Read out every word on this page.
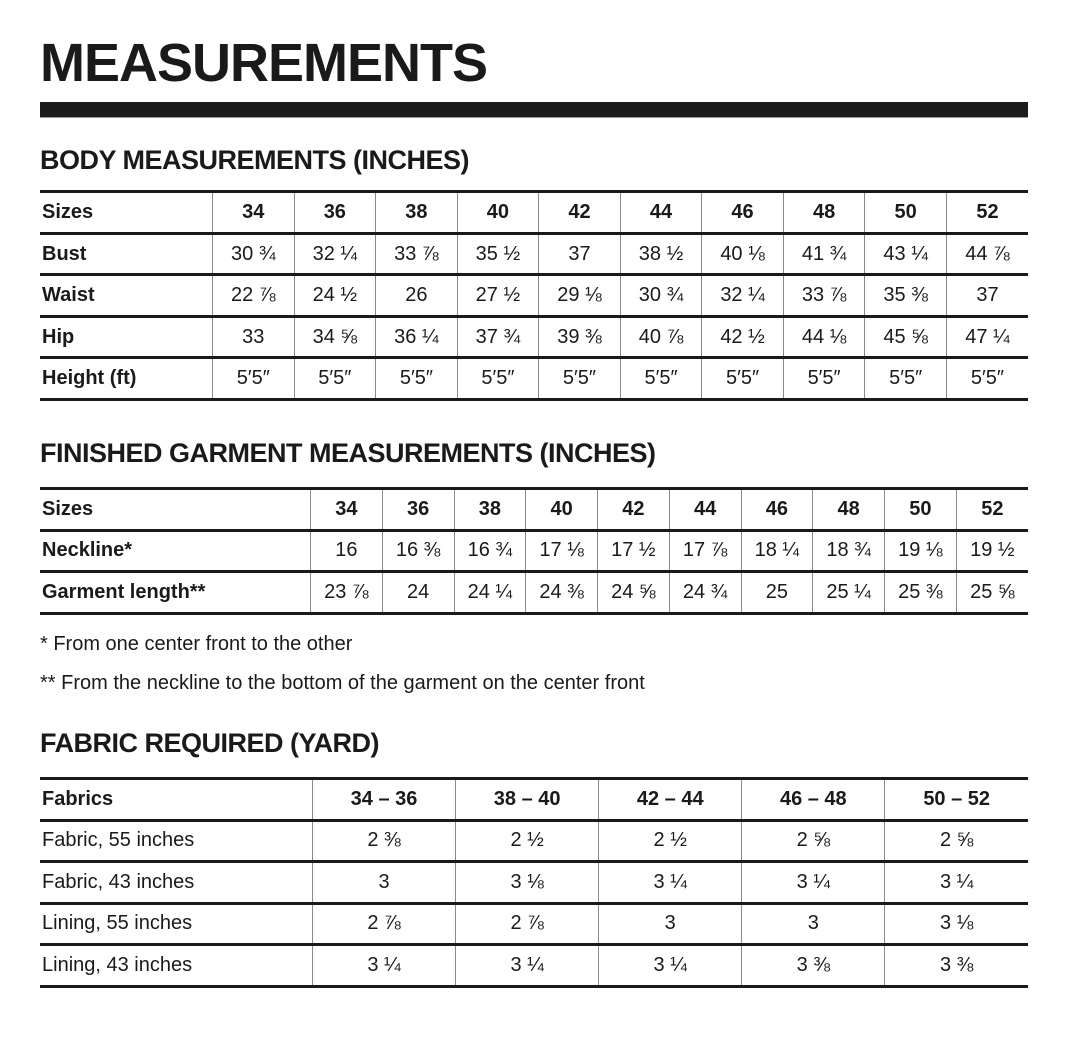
MEASUREMENTS
BODY MEASUREMENTS (INCHES)
Sizes	34	36	38	40	42	44	46	48	50	52
Bust	30 ¾	32 ¼	33 ⅞	35 ½	37	38 ½	40 ⅛	41 ¾	43 ¼	44 ⅞
Waist	22 ⅞	24 ½	26	27 ½	29 ⅛	30 ¾	32 ¼	33 ⅞	35 ⅜	37
Hip	33	34 ⅝	36 ¼	37 ¾	39 ⅜	40 ⅞	42 ½	44 ⅛	45 ⅝	47 ¼
Height (ft)	5′5″	5′5″	5′5″	5′5″	5′5″	5′5″	5′5″	5′5″	5′5″	5′5″
FINISHED GARMENT MEASUREMENTS (INCHES)
Sizes	34	36	38	40	42	44	46	48	50	52
Neckline*	16	16 ⅜	16 ¾	17 ⅛	17 ½	17 ⅞	18 ¼	18 ¾	19 ⅛	19 ½
Garment length**	23 ⅞	24	24 ¼	24 ⅜	24 ⅝	24 ¾	25	25 ¼	25 ⅜	25 ⅝

* From one center front to the other

** From the neckline to the bottom of the garment on the center front

FABRIC REQUIRED (YARD)
Fabrics	34 – 36	38 – 40	42 – 44	46 – 48	50 – 52
Fabric, 55 inches	2 ⅜	2 ½	2 ½	2 ⅝	2 ⅝
Fabric, 43 inches	3	3 ⅛	3 ¼	3 ¼	3 ¼
Lining, 55 inches	2 ⅞	2 ⅞	3	3	3 ⅛
Lining, 43 inches	3 ¼	3 ¼	3 ¼	3 ⅜	3 ⅜
